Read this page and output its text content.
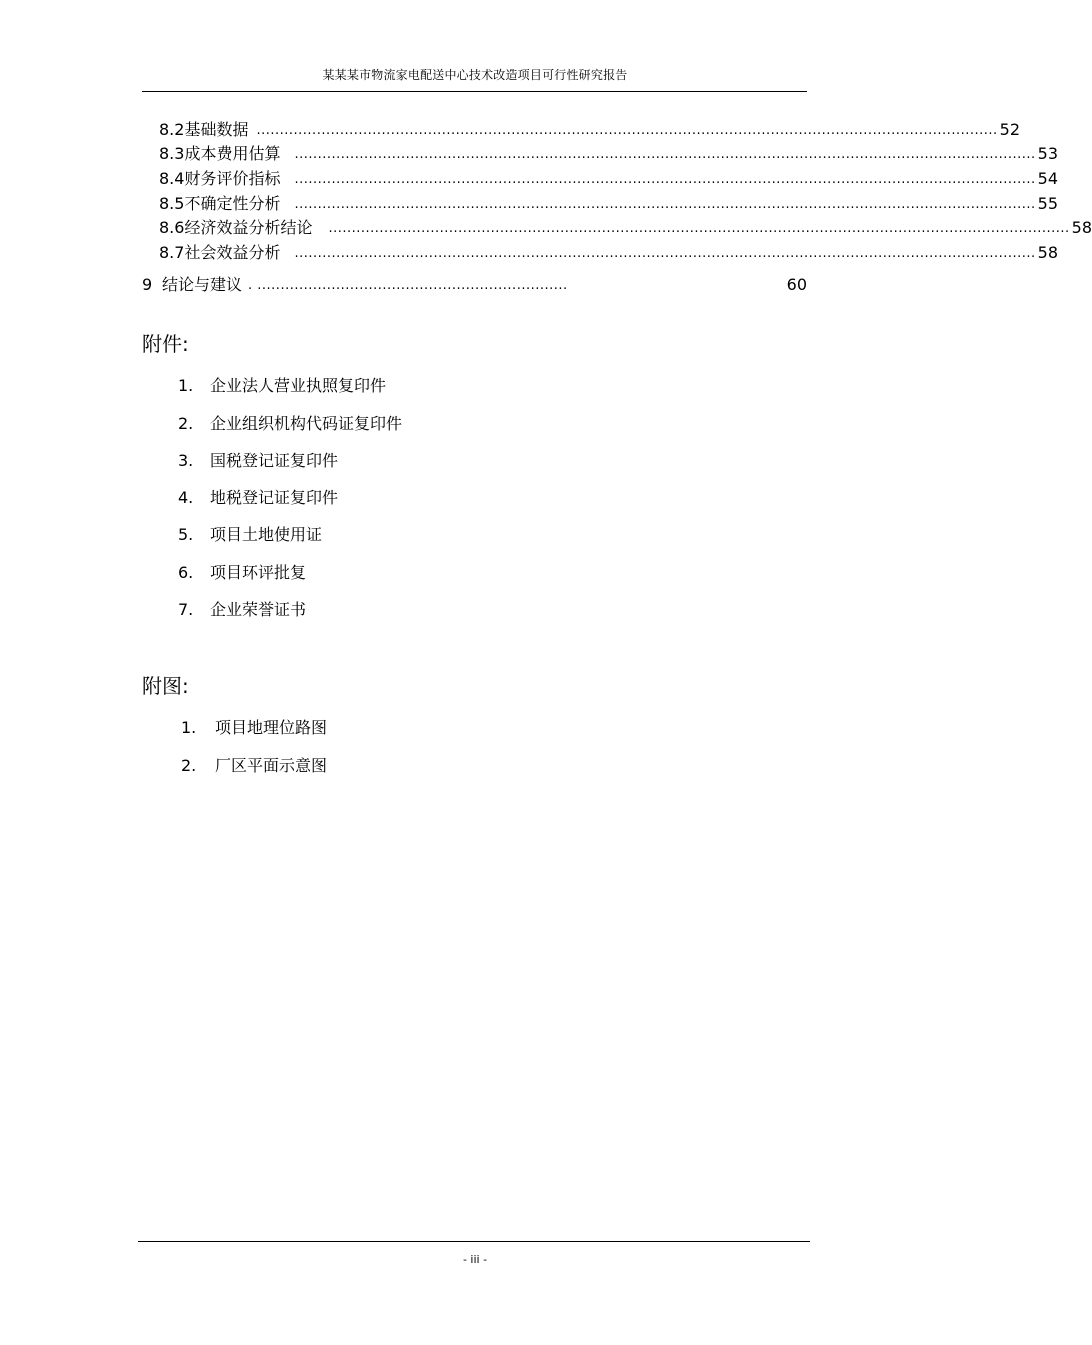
某某某市物流家电配送中心技术改造项目可行性研究报告
8.2 基础数据 ................................................................................................................................................................ 52
8.3 成本费用估算 ................................................................................................................................................................ 53
8.4 财务评价指标 ................................................................................................................................................................ 54
8.5 不确定性分析 ................................................................................................................................................................ 55
8.6 经济效益分析结论 ................................................................................................................................................................ 58
8.7 社会效益分析 ................................................................................................................................................................ 58
9 结论与建议 . ...................................................................	60
附件:
1. 企业法人营业执照复印件
2. 企业组织机构代码证复印件
3. 国税登记证复印件
4. 地税登记证复印件
5. 项目土地使用证
6. 项目环评批复
7. 企业荣誉证书
附图:
1. 项目地理位路图
2. 厂区平面示意图
- iii -
